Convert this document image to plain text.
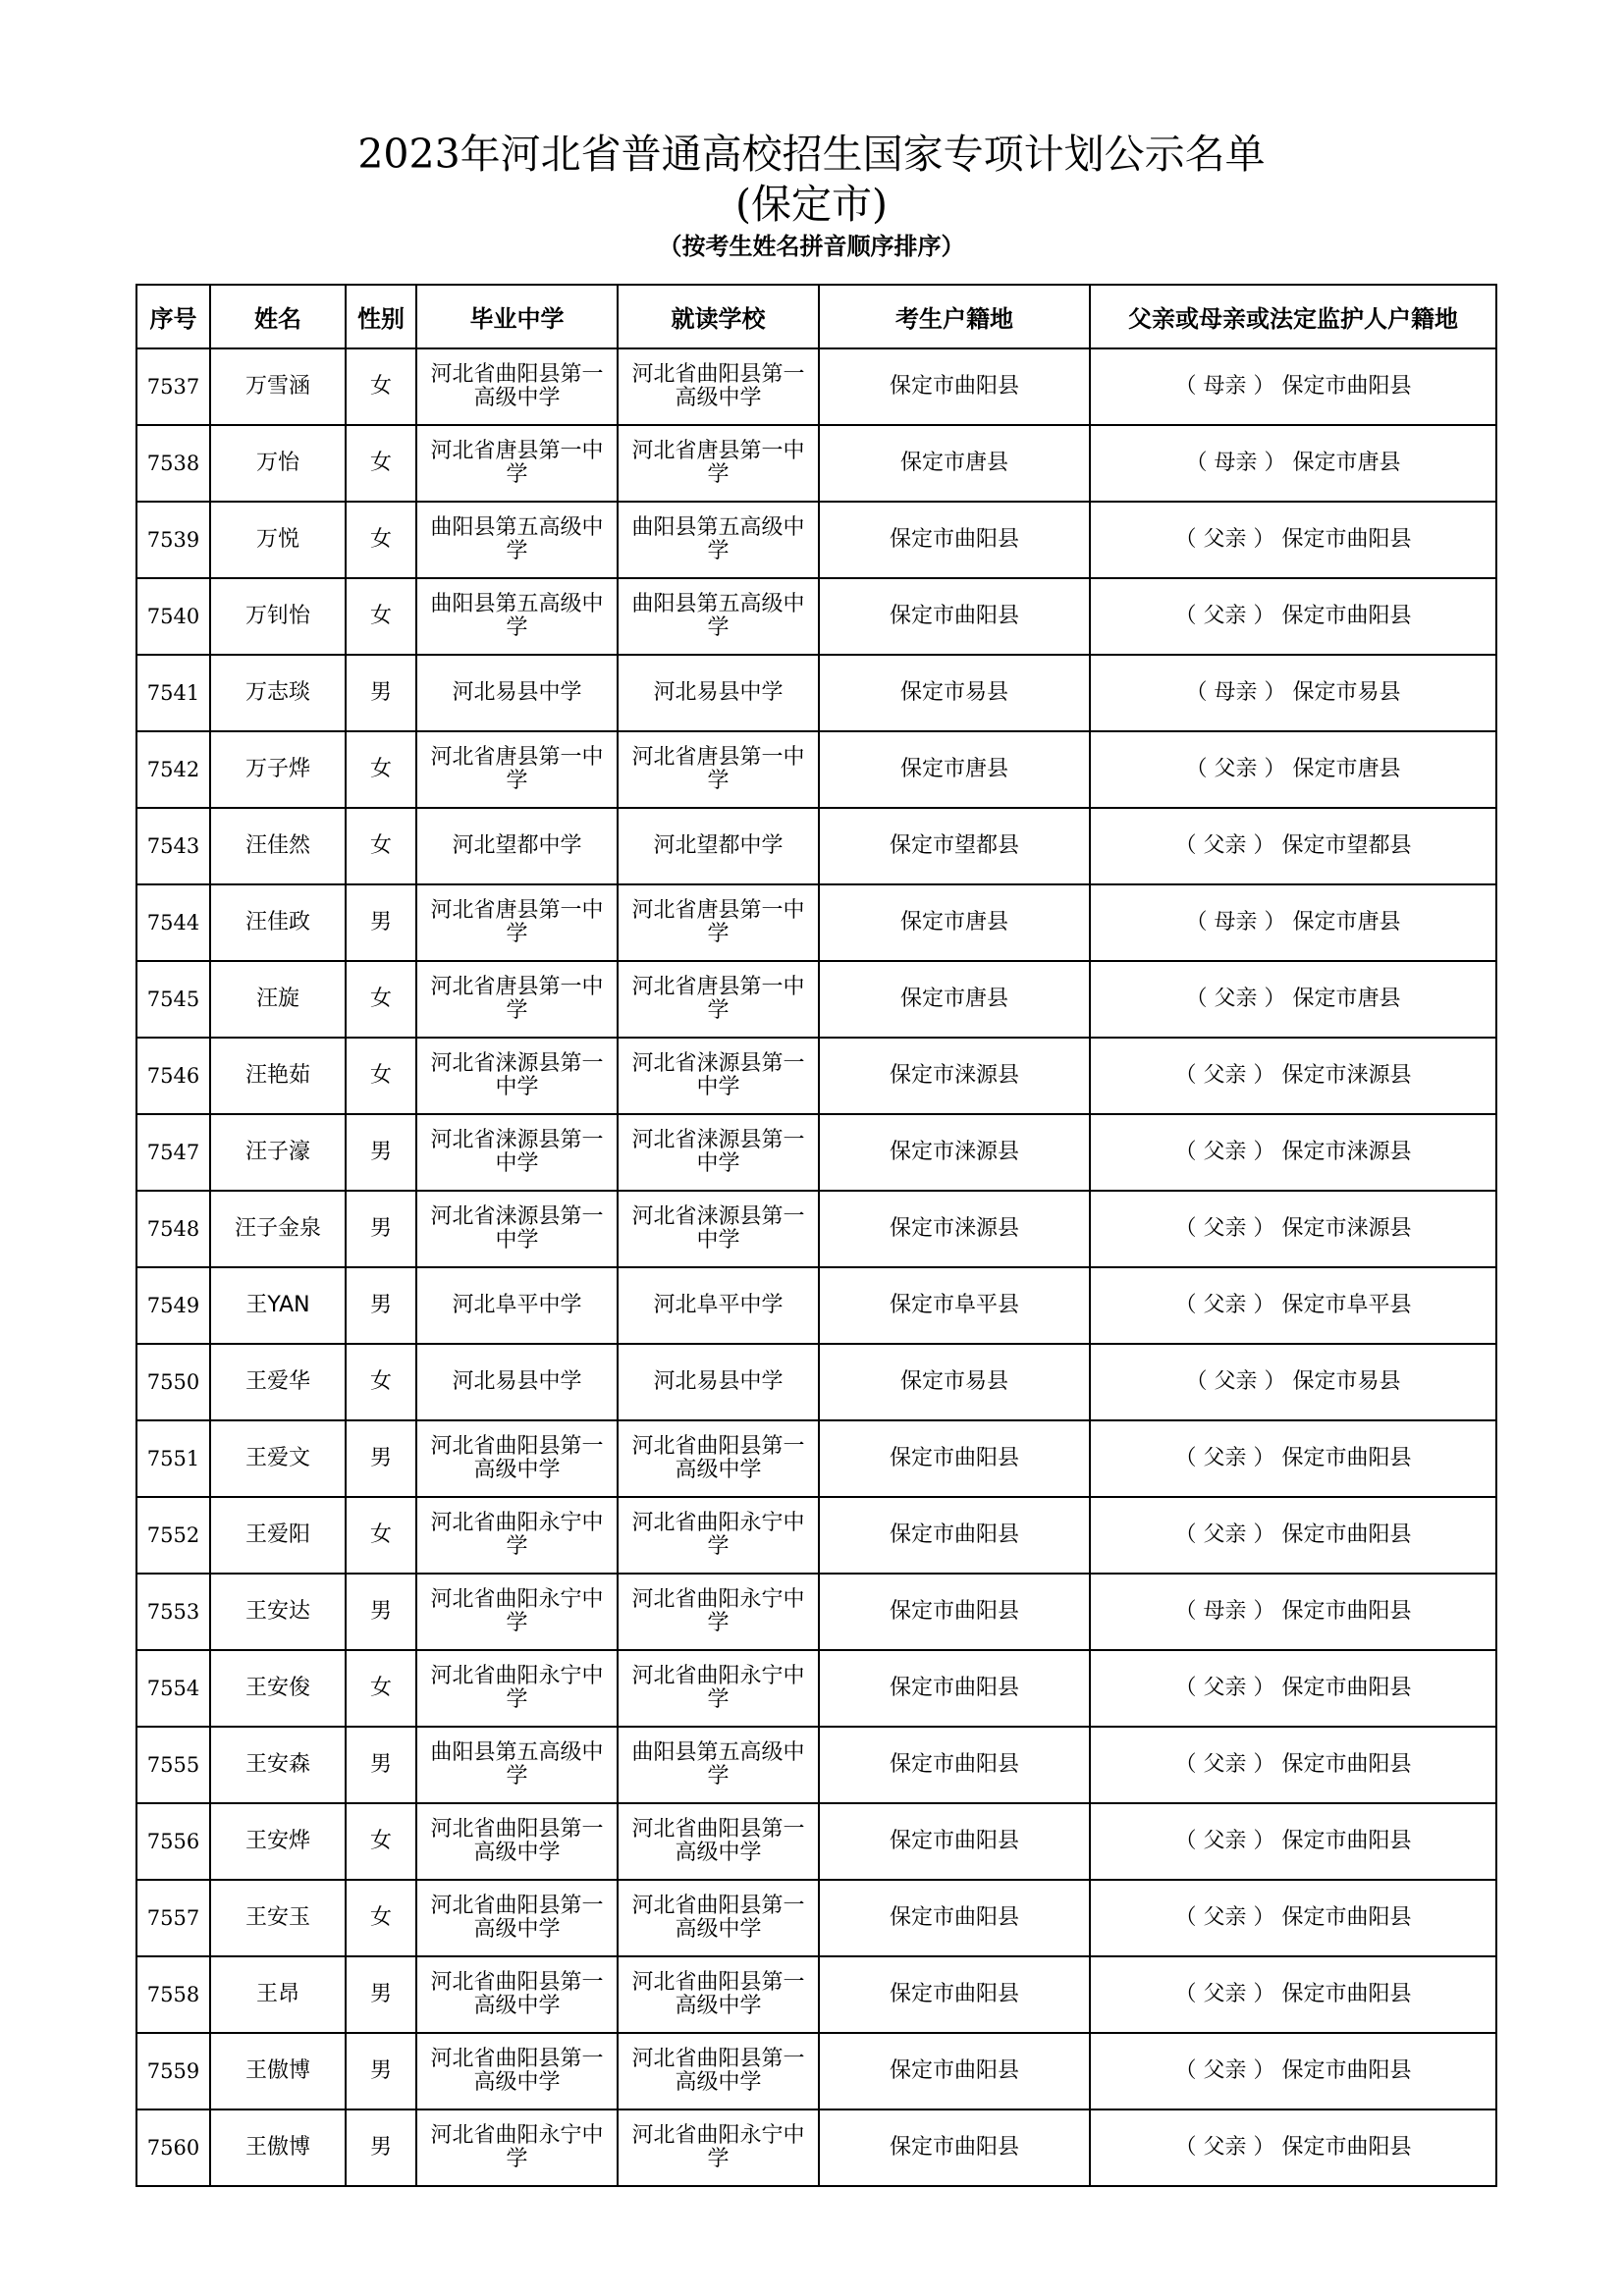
2023年河北省普通高校招生国家专项计划公示名单
(保定市)
（按考生姓名拼音顺序排序）
序号	姓名	性别	毕业中学	就读学校	考生户籍地	父亲或母亲或法定监护人户籍地
7537	万雪涵	女	河北省曲阳县第一高级中学	河北省曲阳县第一高级中学	保定市曲阳县	（ 母亲 ） 保定市曲阳县
7538	万怡	女	河北省唐县第一中学	河北省唐县第一中学	保定市唐县	（ 母亲 ） 保定市唐县
7539	万悦	女	曲阳县第五高级中学	曲阳县第五高级中学	保定市曲阳县	（ 父亲 ） 保定市曲阳县
7540	万钊怡	女	曲阳县第五高级中学	曲阳县第五高级中学	保定市曲阳县	（ 父亲 ） 保定市曲阳县
7541	万志琰	男	河北易县中学	河北易县中学	保定市易县	（ 母亲 ） 保定市易县
7542	万子烨	女	河北省唐县第一中学	河北省唐县第一中学	保定市唐县	（ 父亲 ） 保定市唐县
7543	汪佳然	女	河北望都中学	河北望都中学	保定市望都县	（ 父亲 ） 保定市望都县
7544	汪佳政	男	河北省唐县第一中学	河北省唐县第一中学	保定市唐县	（ 母亲 ） 保定市唐县
7545	汪旋	女	河北省唐县第一中学	河北省唐县第一中学	保定市唐县	（ 父亲 ） 保定市唐县
7546	汪艳茹	女	河北省涞源县第一中学	河北省涞源县第一中学	保定市涞源县	（ 父亲 ） 保定市涞源县
7547	汪子濠	男	河北省涞源县第一中学	河北省涞源县第一中学	保定市涞源县	（ 父亲 ） 保定市涞源县
7548	汪子金泉	男	河北省涞源县第一中学	河北省涞源县第一中学	保定市涞源县	（ 父亲 ） 保定市涞源县
7549	王YAN	男	河北阜平中学	河北阜平中学	保定市阜平县	（ 父亲 ） 保定市阜平县
7550	王爱华	女	河北易县中学	河北易县中学	保定市易县	（ 父亲 ） 保定市易县
7551	王爱文	男	河北省曲阳县第一高级中学	河北省曲阳县第一高级中学	保定市曲阳县	（ 父亲 ） 保定市曲阳县
7552	王爱阳	女	河北省曲阳永宁中学	河北省曲阳永宁中学	保定市曲阳县	（ 父亲 ） 保定市曲阳县
7553	王安达	男	河北省曲阳永宁中学	河北省曲阳永宁中学	保定市曲阳县	（ 母亲 ） 保定市曲阳县
7554	王安俊	女	河北省曲阳永宁中学	河北省曲阳永宁中学	保定市曲阳县	（ 父亲 ） 保定市曲阳县
7555	王安森	男	曲阳县第五高级中学	曲阳县第五高级中学	保定市曲阳县	（ 父亲 ） 保定市曲阳县
7556	王安烨	女	河北省曲阳县第一高级中学	河北省曲阳县第一高级中学	保定市曲阳县	（ 父亲 ） 保定市曲阳县
7557	王安玉	女	河北省曲阳县第一高级中学	河北省曲阳县第一高级中学	保定市曲阳县	（ 父亲 ） 保定市曲阳县
7558	王昂	男	河北省曲阳县第一高级中学	河北省曲阳县第一高级中学	保定市曲阳县	（ 父亲 ） 保定市曲阳县
7559	王傲博	男	河北省曲阳县第一高级中学	河北省曲阳县第一高级中学	保定市曲阳县	（ 父亲 ） 保定市曲阳县
7560	王傲博	男	河北省曲阳永宁中学	河北省曲阳永宁中学	保定市曲阳县	（ 父亲 ） 保定市曲阳县
